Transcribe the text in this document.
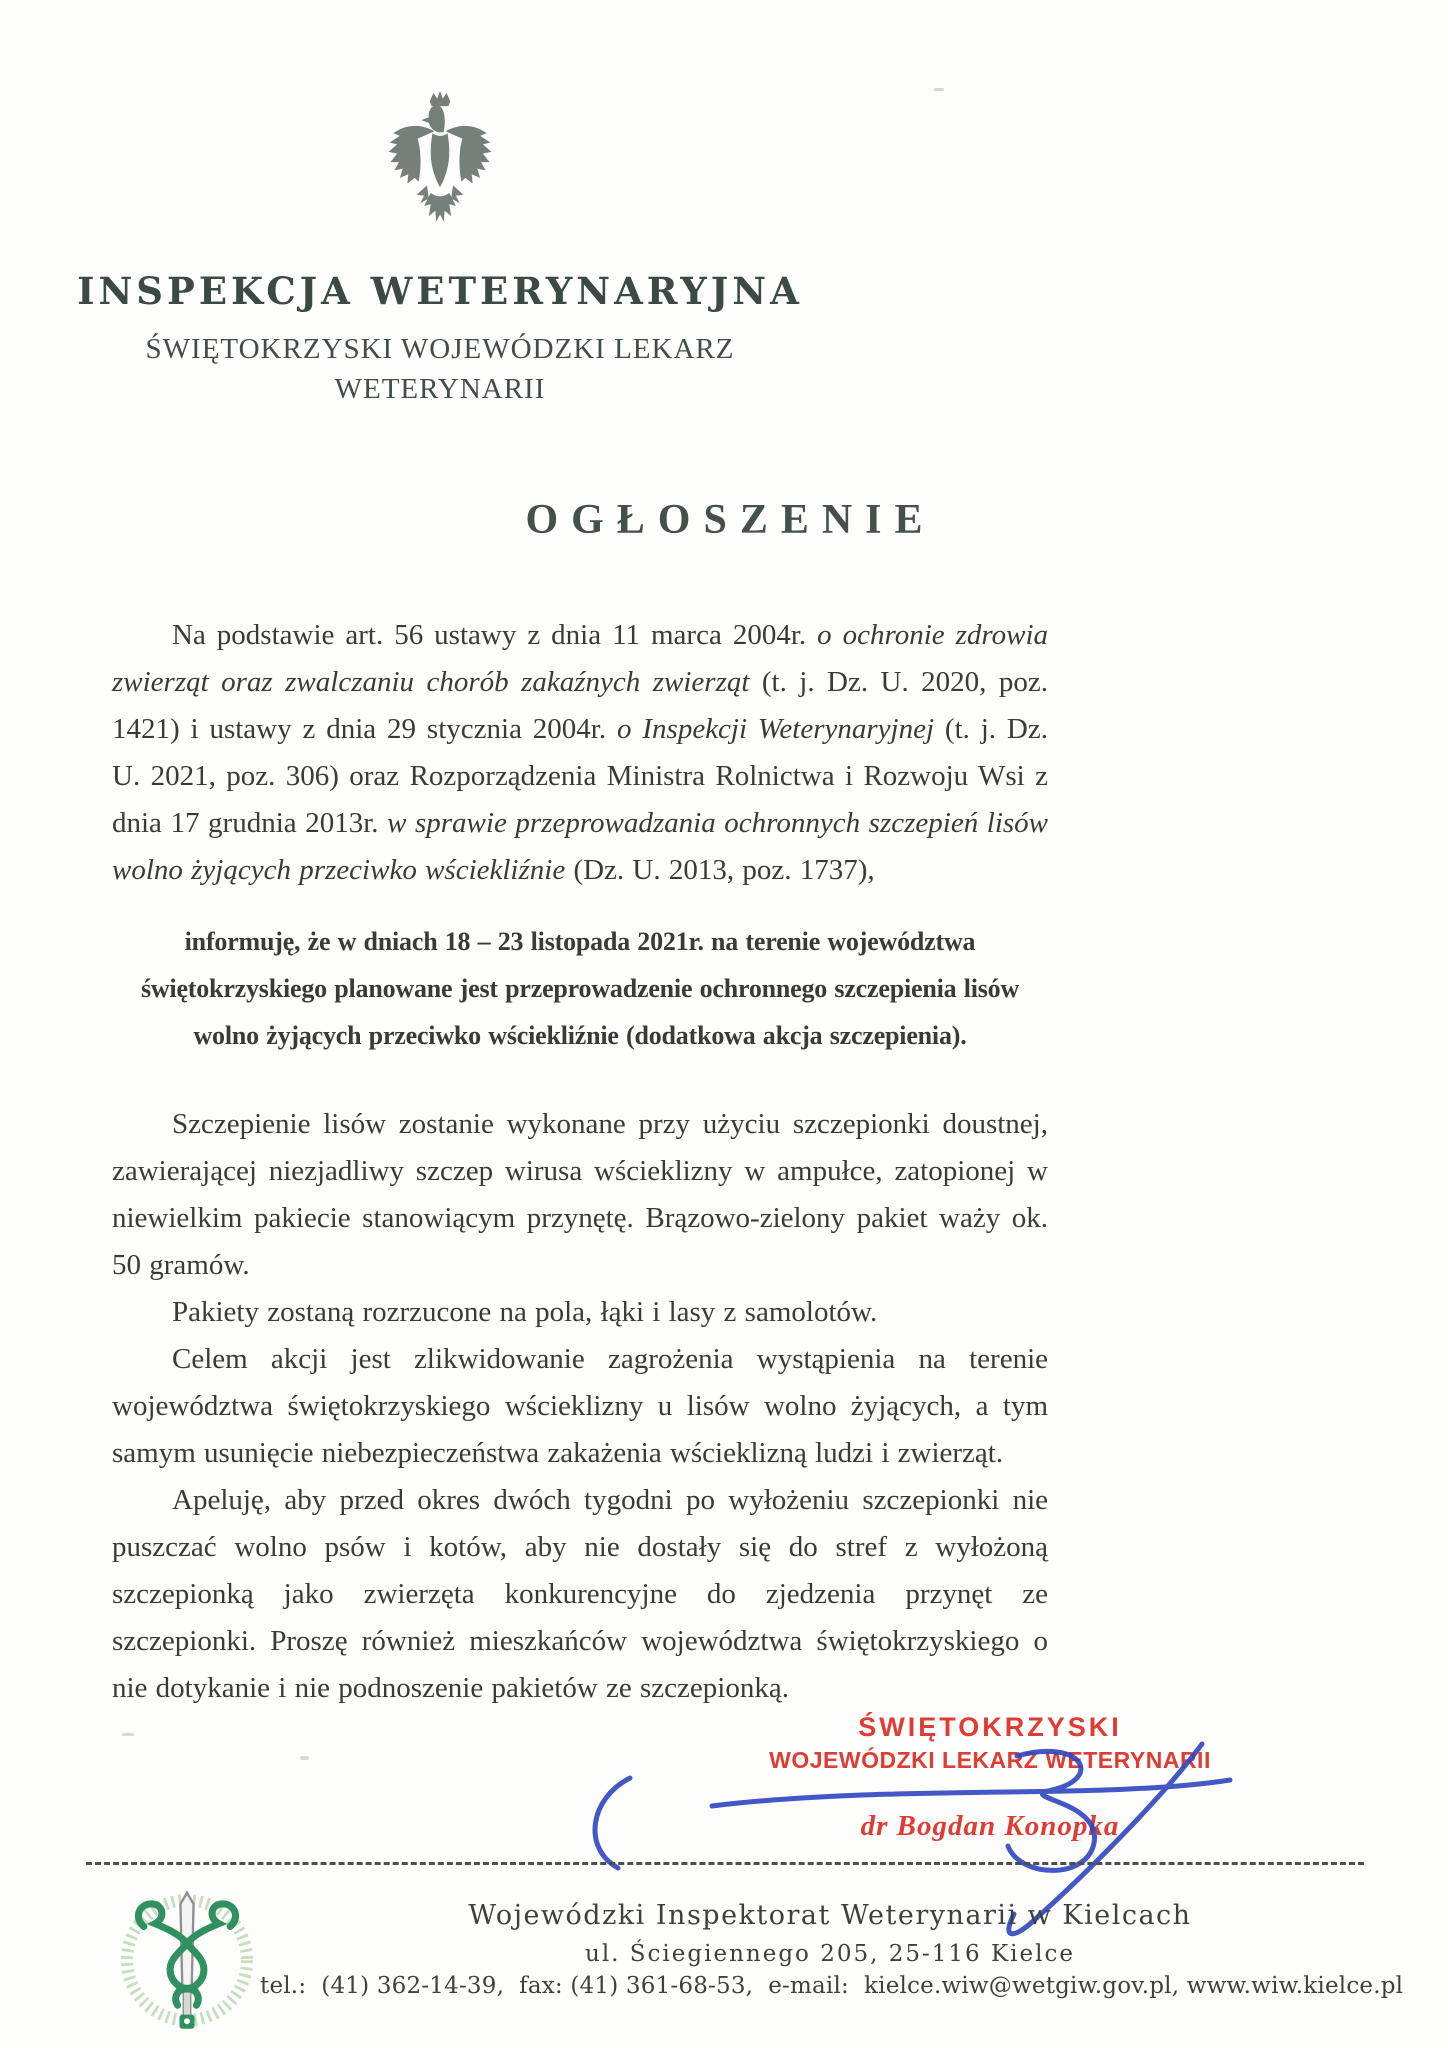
INSPEKCJA WETERYNARYJNA
ŚWIĘTOKRZYSKI WOJEWÓDZKI LEKARZ
WETERYNARII
OGŁOSZENIE

Na podstawie art. 56 ustawy z dnia 11 marca 2004r. o ochronie zdrowia zwierząt oraz zwalczaniu chorób zakaźnych zwierząt (t. j. Dz. U. 2020, poz. 1421) i ustawy z dnia 29 stycznia 2004r. o Inspekcji Weterynaryjnej (t. j. Dz. U. 2021, poz. 306) oraz Rozporządzenia Ministra Rolnictwa i Rozwoju Wsi z dnia 17 grudnia 2013r. w sprawie przeprowadzania ochronnych szczepień lisów wolno żyjących przeciwko wściekliźnie (Dz. U. 2013, poz. 1737),

informuję, że w dniach 18 – 23 listopada 2021r. na terenie województwa
świętokrzyskiego planowane jest przeprowadzenie ochronnego szczepienia lisów
wolno żyjących przeciwko wściekliźnie (dodatkowa akcja szczepienia).

Szczepienie lisów zostanie wykonane przy użyciu szczepionki doustnej, zawierającej niezjadliwy szczep wirusa wścieklizny w ampułce, zatopionej w niewielkim pakiecie stanowiącym przynętę. Brązowo-zielony pakiet waży ok. 50 gramów.

Pakiety zostaną rozrzucone na pola, łąki i lasy z samolotów.

Celem akcji jest zlikwidowanie zagrożenia wystąpienia na terenie województwa świętokrzyskiego wścieklizny u lisów wolno żyjących, a tym samym usunięcie niebezpieczeństwa zakażenia wścieklizną ludzi i zwierząt.

Apeluję, aby przed okres dwóch tygodni po wyłożeniu szczepionki nie puszczać wolno psów i kotów, aby nie dostały się do stref z wyłożoną szczepionką jako zwierzęta konkurencyjne do zjedzenia przynęt ze szczepionki. Proszę również mieszkańców województwa świętokrzyskiego o nie dotykanie i nie podnoszenie pakietów ze szczepionką.

ŚWIĘTOKRZYSKI
WOJEWÓDZKI LEKARZ WETERYNARII
dr Bogdan Konopka
Wojewódzki Inspektorat Weterynarii w Kielcach
ul. Ściegiennego 205, 25-116 Kielce
tel.:  (41) 362-14-39,  fax: (41) 361-68-53,  e-mail:  kielce.wiw@wetgiw.gov.pl, www.wiw.kielce.pl
